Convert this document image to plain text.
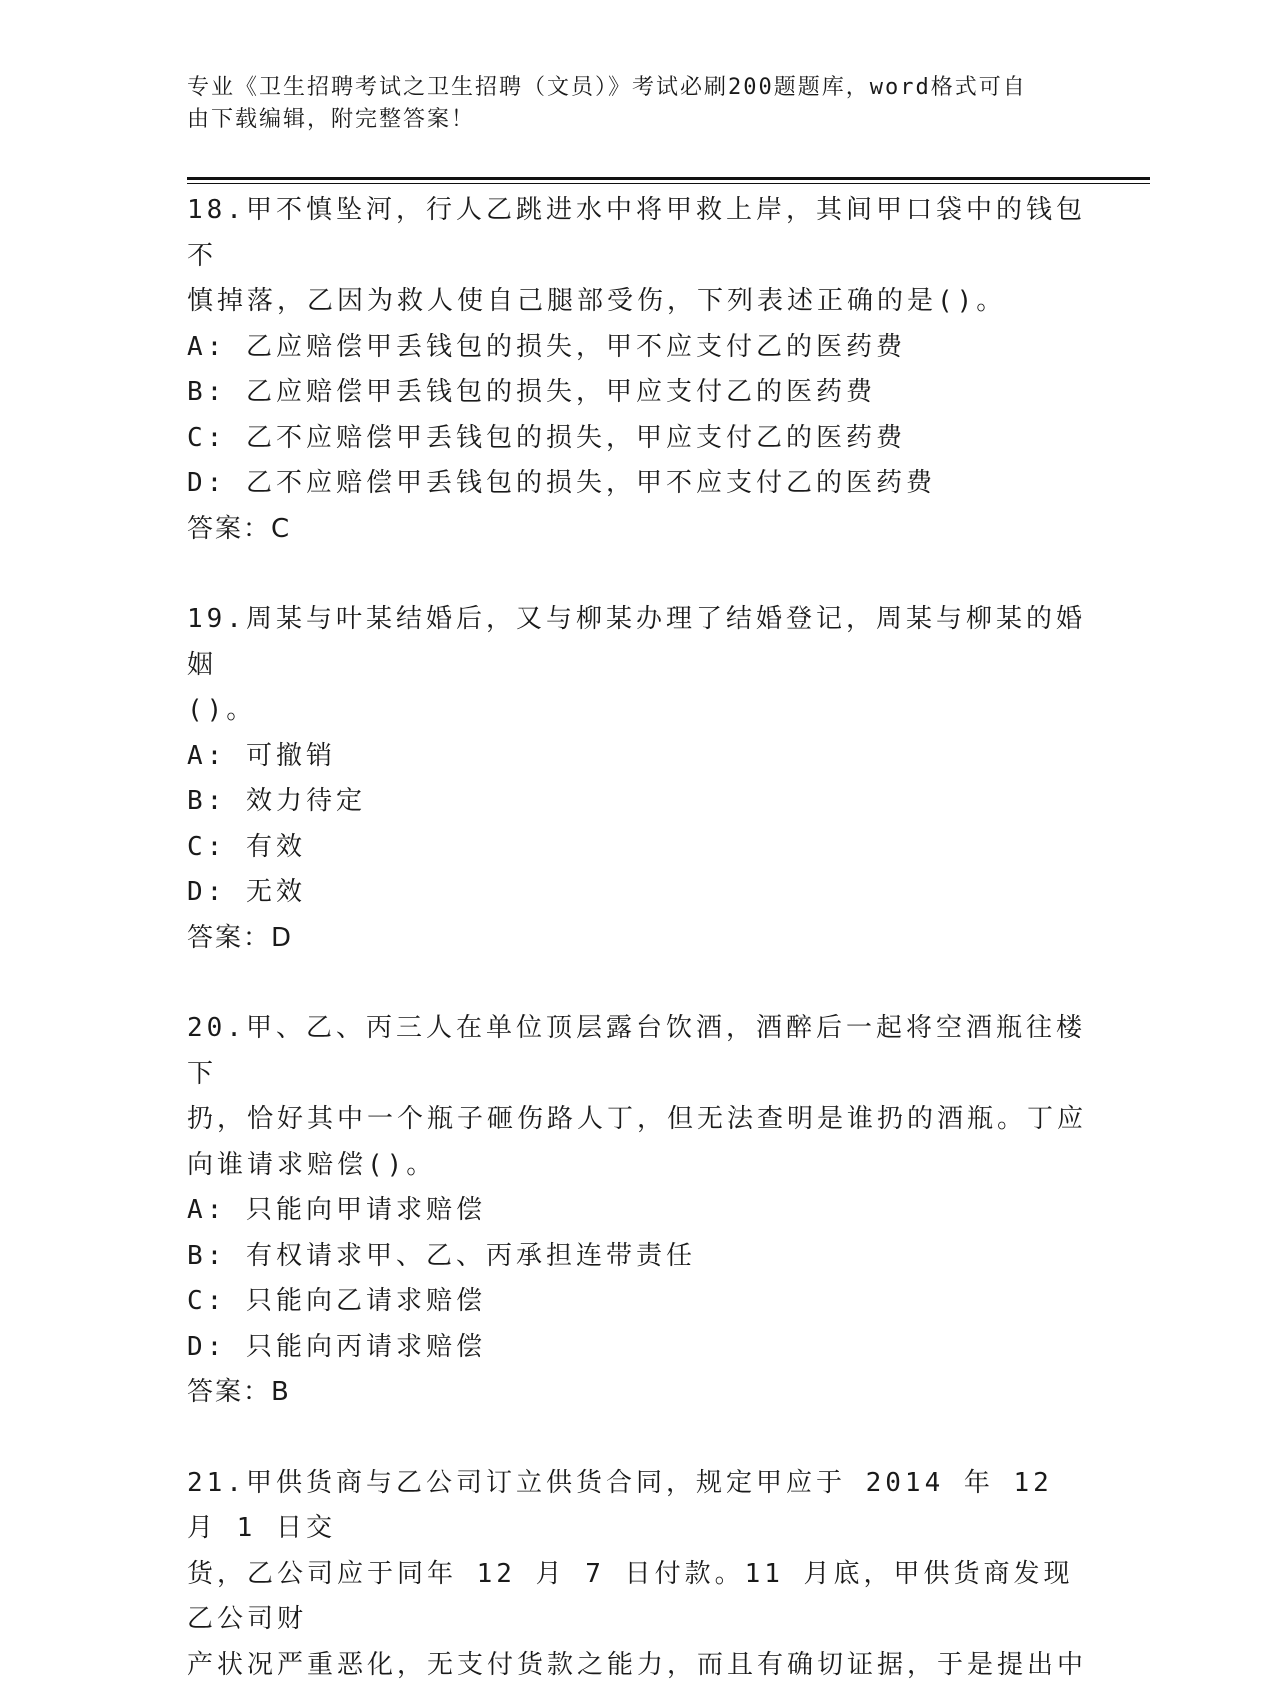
专业《卫生招聘考试之卫生招聘（文员）》考试必刷200题题库，word格式可自
由下载编辑，附完整答案！
18.甲不慎坠河，行人乙跳进水中将甲救上岸，其间甲口袋中的钱包不
慎掉落，乙因为救人使自己腿部受伤，下列表述正确的是()。
A: 乙应赔偿甲丢钱包的损失，甲不应支付乙的医药费
B: 乙应赔偿甲丢钱包的损失，甲应支付乙的医药费
C: 乙不应赔偿甲丢钱包的损失，甲应支付乙的医药费
D: 乙不应赔偿甲丢钱包的损失，甲不应支付乙的医药费
答案：C
19.周某与叶某结婚后，又与柳某办理了结婚登记，周某与柳某的婚姻
()。
A: 可撤销
B: 效力待定
C: 有效
D: 无效
答案：D
20.甲、乙、丙三人在单位顶层露台饮酒，酒醉后一起将空酒瓶往楼下
扔，恰好其中一个瓶子砸伤路人丁，但无法查明是谁扔的酒瓶。丁应
向谁请求赔偿()。
A: 只能向甲请求赔偿
B: 有权请求甲、乙、丙承担连带责任
C: 只能向乙请求赔偿
D: 只能向丙请求赔偿
答案：B
21.甲供货商与乙公司订立供货合同，规定甲应于 2014 年 12 月 1 日交
货，乙公司应于同年 12 月 7 日付款。11 月底，甲供货商发现乙公司财
产状况严重恶化，无支付货款之能力，而且有确切证据，于是提出中
